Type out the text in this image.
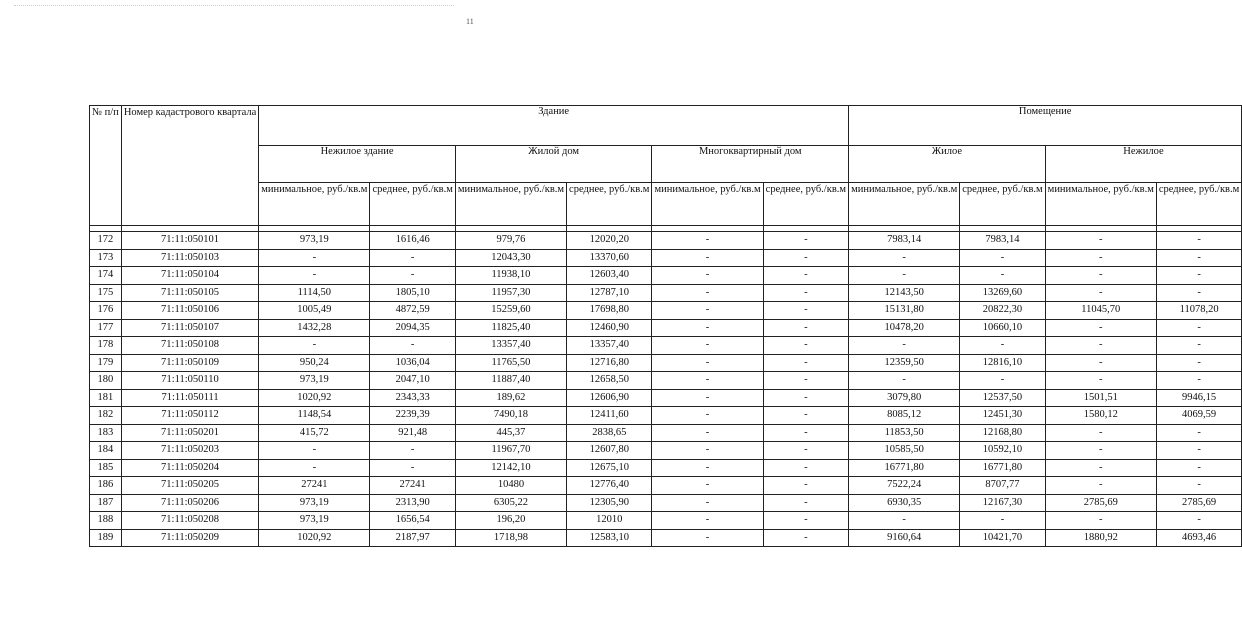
11
№ п/п	Номер кадастрового квартала	Здание						Помещение			
		Нежилое здание		Жилой дом		Многоквартирный дом		Жилое		Нежилое	
		минимальное, руб./кв.м	среднее, руб./кв.м	минимальное, руб./кв.м	среднее, руб./кв.м	минимальное, руб./кв.м	среднее, руб./кв.м	минимальное, руб./кв.м	среднее, руб./кв.м	минимальное, руб./кв.м	среднее, руб./кв.м

172	71:11:050101	973,19	1616,46	979,76	12020,20	-	-	7983,14	7983,14	-	-
173	71:11:050103	-	-	12043,30	13370,60	-	-	-	-	-	-
174	71:11:050104	-	-	11938,10	12603,40	-	-	-	-	-	-
175	71:11:050105	1114,50	1805,10	11957,30	12787,10	-	-	12143,50	13269,60	-	-
176	71:11:050106	1005,49	4872,59	15259,60	17698,80	-	-	15131,80	20822,30	11045,70	11078,20
177	71:11:050107	1432,28	2094,35	11825,40	12460,90	-	-	10478,20	10660,10	-	-
178	71:11:050108	-	-	13357,40	13357,40	-	-	-	-	-	-
179	71:11:050109	950,24	1036,04	11765,50	12716,80	-	-	12359,50	12816,10	-	-
180	71:11:050110	973,19	2047,10	11887,40	12658,50	-	-	-	-	-	-
181	71:11:050111	1020,92	2343,33	189,62	12606,90	-	-	3079,80	12537,50	1501,51	9946,15
182	71:11:050112	1148,54	2239,39	7490,18	12411,60	-	-	8085,12	12451,30	1580,12	4069,59
183	71:11:050201	415,72	921,48	445,37	2838,65	-	-	11853,50	12168,80	-	-
184	71:11:050203	-	-	11967,70	12607,80	-	-	10585,50	10592,10	-	-
185	71:11:050204	-	-	12142,10	12675,10	-	-	16771,80	16771,80	-	-
186	71:11:050205	27241	27241	10480	12776,40	-	-	7522,24	8707,77	-	-
187	71:11:050206	973,19	2313,90	6305,22	12305,90	-	-	6930,35	12167,30	2785,69	2785,69
188	71:11:050208	973,19	1656,54	196,20	12010	-	-	-	-	-	-
189	71:11:050209	1020,92	2187,97	1718,98	12583,10	-	-	9160,64	10421,70	1880,92	4693,46
